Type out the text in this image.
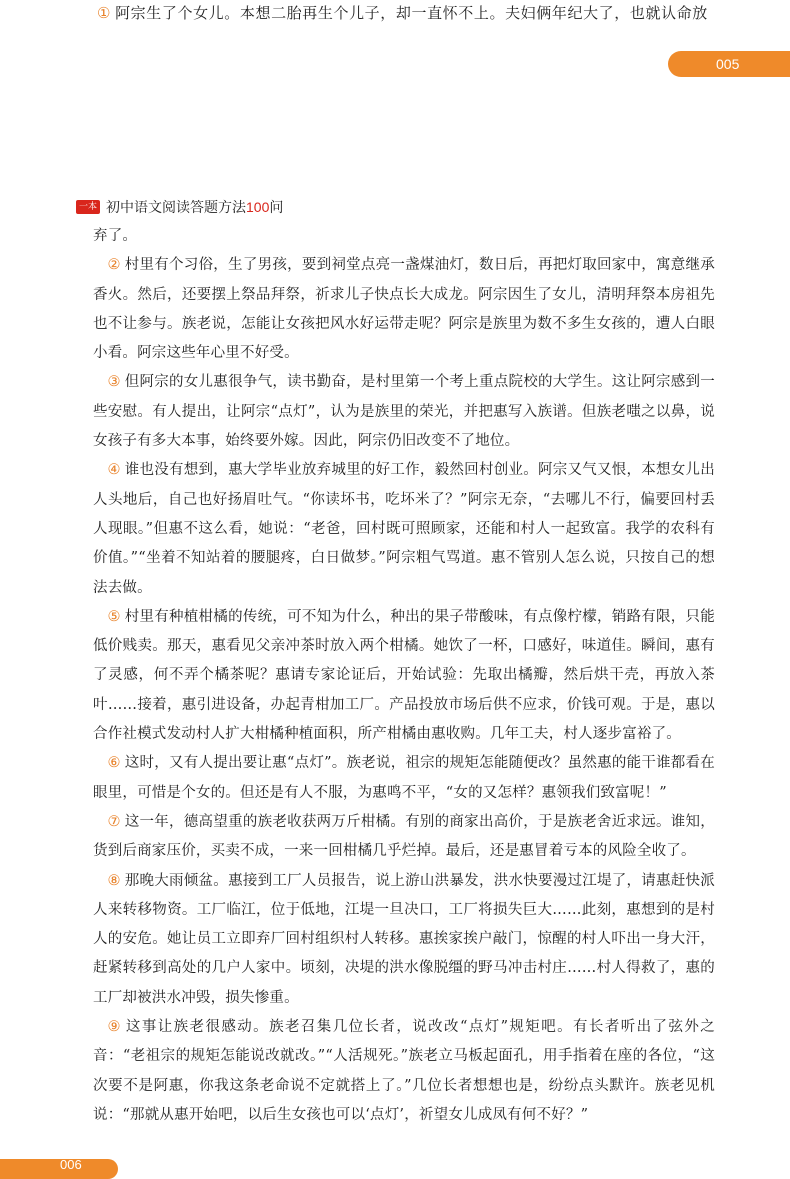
① 阿宗生了个女儿。本想二胎再生个儿子，却一直怀不上。夫妇俩年纪大了，也就认命放
005
一本 初中语文阅读答题方法100问

弃了。

② 村里有个习俗，生了男孩，要到祠堂点亮一盏煤油灯，数日后，再把灯取回家中，寓意继承香火。然后，还要摆上祭品拜祭，祈求儿子快点长大成龙。阿宗因生了女儿，清明拜祭本房祖先也不让参与。族老说，怎能让女孩把风水好运带走呢？阿宗是族里为数不多生女孩的，遭人白眼小看。阿宗这些年心里不好受。

③ 但阿宗的女儿惠很争气，读书勤奋，是村里第一个考上重点院校的大学生。这让阿宗感到一些安慰。有人提出，让阿宗“点灯”，认为是族里的荣光，并把惠写入族谱。但族老嗤之以鼻，说女孩子有多大本事，始终要外嫁。因此，阿宗仍旧改变不了地位。

④ 谁也没有想到，惠大学毕业放弃城里的好工作，毅然回村创业。阿宗又气又恨，本想女儿出人头地后，自己也好扬眉吐气。“你读坏书，吃坏米了？”阿宗无奈，“去哪儿不行，偏要回村丢人现眼。”但惠不这么看，她说：“老爸，回村既可照顾家，还能和村人一起致富。我学的农科有价值。”“坐着不知站着的腰腿疼，白日做梦。”阿宗粗气骂道。惠不管别人怎么说，只按自己的想法去做。

⑤ 村里有种植柑橘的传统，可不知为什么，种出的果子带酸味，有点像柠檬，销路有限，只能低价贱卖。那天，惠看见父亲冲茶时放入两个柑橘。她饮了一杯，口感好，味道佳。瞬间，惠有了灵感，何不弄个橘茶呢？惠请专家论证后，开始试验：先取出橘瓣，然后烘干壳，再放入茶叶……接着，惠引进设备，办起青柑加工厂。产品投放市场后供不应求，价钱可观。于是，惠以合作社模式发动村人扩大柑橘种植面积，所产柑橘由惠收购。几年工夫，村人逐步富裕了。

⑥ 这时，又有人提出要让惠“点灯”。族老说，祖宗的规矩怎能随便改？虽然惠的能干谁都看在眼里，可惜是个女的。但还是有人不服，为惠鸣不平，“女的又怎样？惠领我们致富呢！”

⑦ 这一年，德高望重的族老收获两万斤柑橘。有别的商家出高价，于是族老舍近求远。谁知，货到后商家压价，买卖不成，一来一回柑橘几乎烂掉。最后，还是惠冒着亏本的风险全收了。

⑧ 那晚大雨倾盆。惠接到工厂人员报告，说上游山洪暴发，洪水快要漫过江堤了，请惠赶快派人来转移物资。工厂临江，位于低地，江堤一旦决口，工厂将损失巨大……此刻，惠想到的是村人的安危。她让员工立即弃厂回村组织村人转移。惠挨家挨户敲门，惊醒的村人吓出一身大汗，赶紧转移到高处的几户人家中。顷刻，决堤的洪水像脱缰的野马冲击村庄……村人得救了，惠的工厂却被洪水冲毁，损失惨重。

⑨ 这事让族老很感动。族老召集几位长者，说改改“点灯”规矩吧。有长者听出了弦外之音：“老祖宗的规矩怎能说改就改。”“人活规死。”族老立马板起面孔，用手指着在座的各位，“这次要不是阿惠，你我这条老命说不定就搭上了。”几位长者想想也是，纷纷点头默许。族老见机说：“那就从惠开始吧，以后生女孩也可以‘点灯’，祈望女儿成凤有何不好？”

006
